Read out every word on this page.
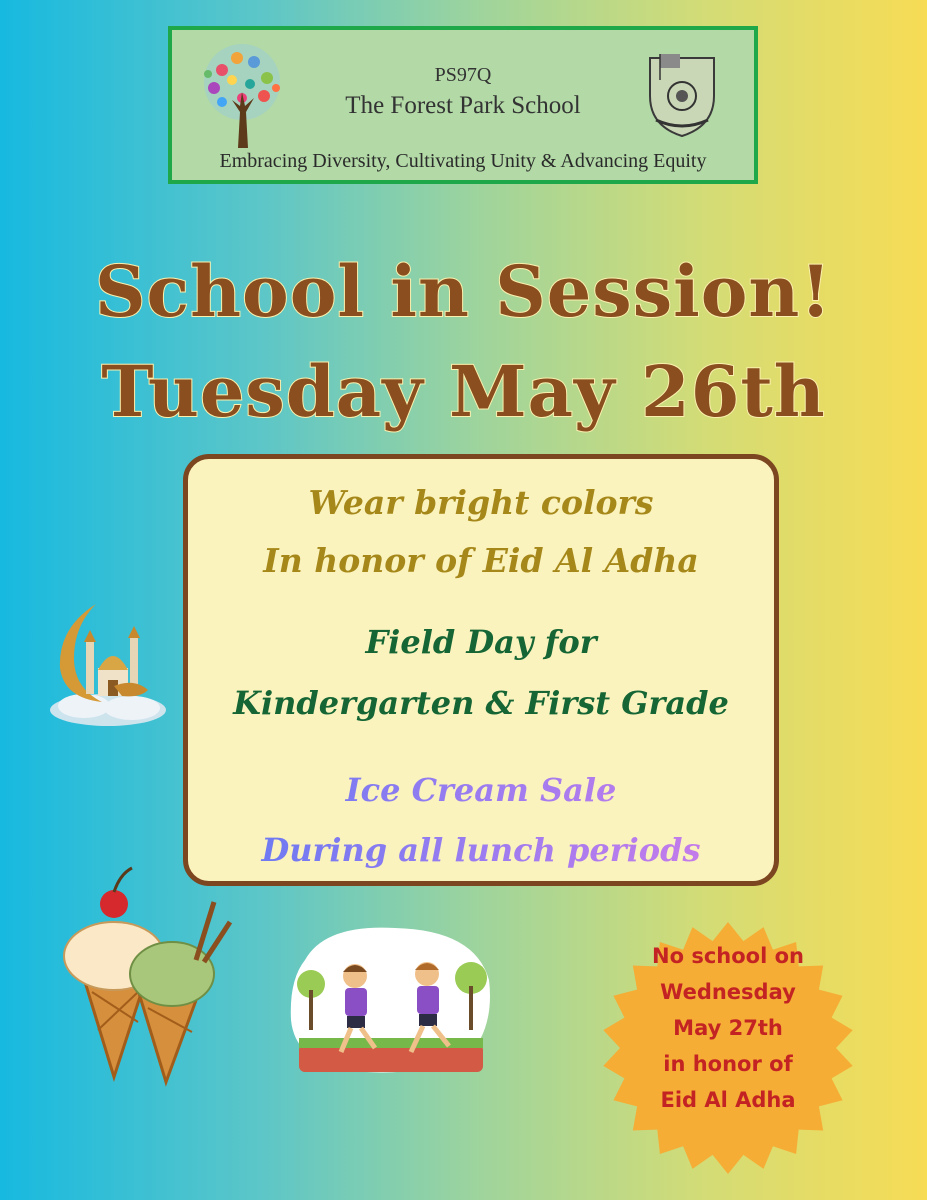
PS97Q
The Forest Park School
Embracing Diversity, Cultivating Unity & Advancing Equity
School in Session!
Tuesday May 26th
Wear bright colors
In honor of Eid Al Adha
Field Day for
Kindergarten & First Grade
Ice Cream Sale
During all lunch periods
No school on
Wednesday
May 27th
in honor of
Eid Al Adha
